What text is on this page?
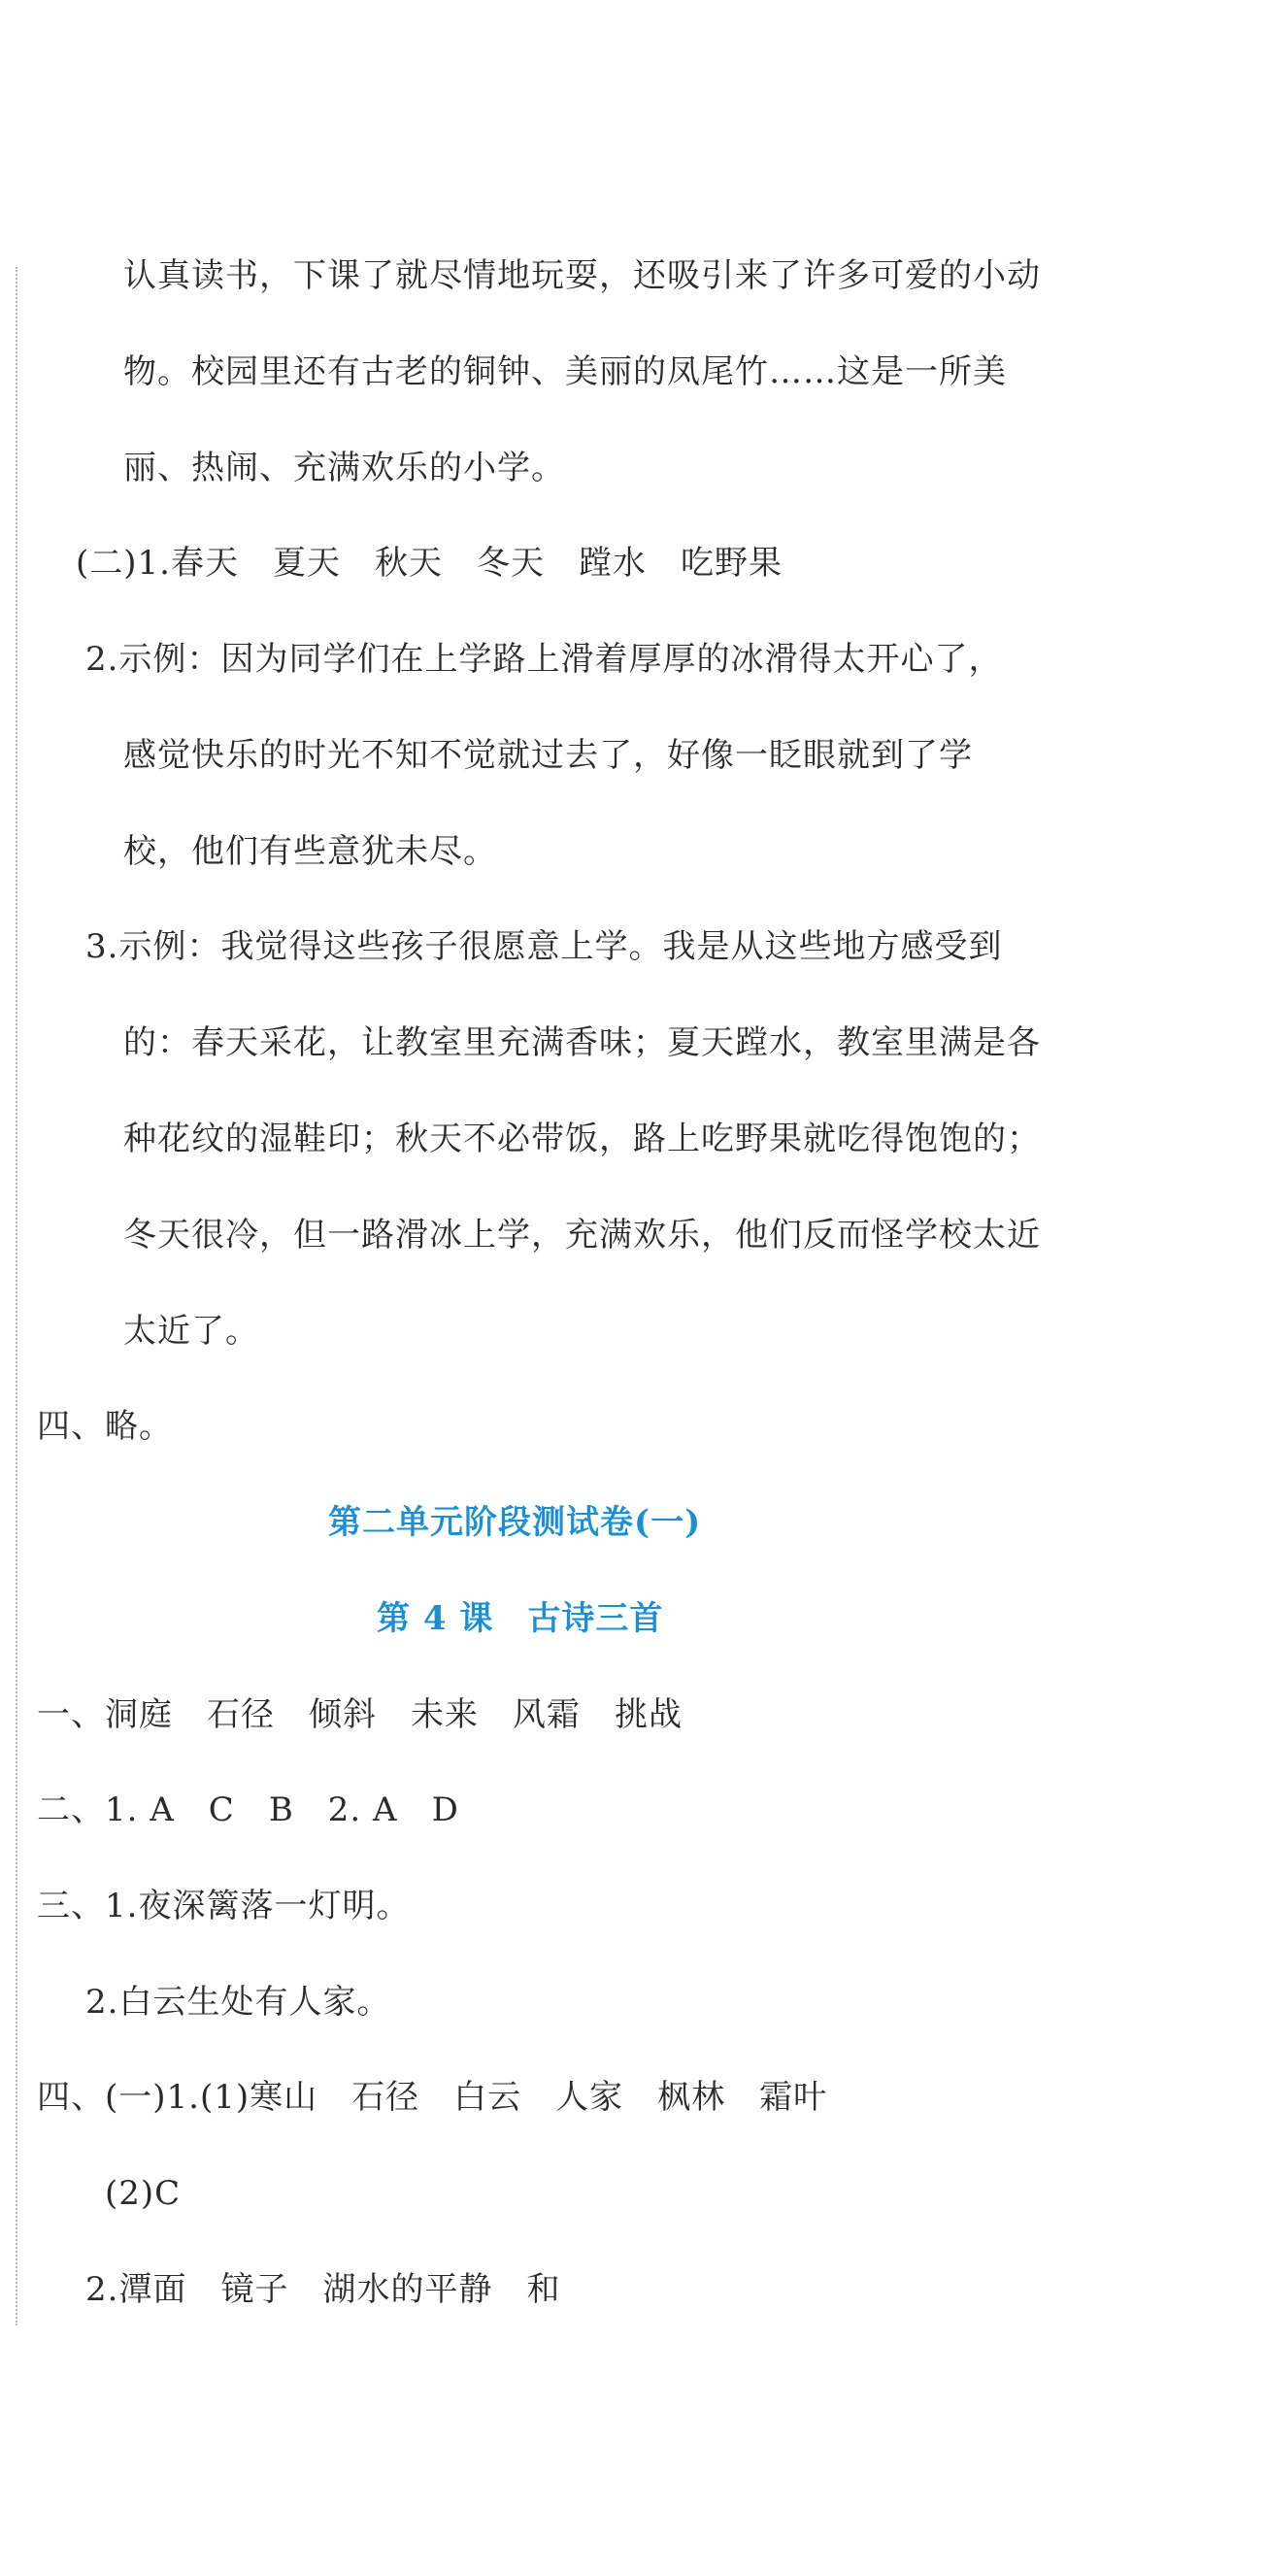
认真读书，下课了就尽情地玩耍，还吸引来了许多可爱的小动
物。校园里还有古老的铜钟、美丽的凤尾竹……这是一所美
丽、热闹、充满欢乐的小学。
(二)1.春天　夏天　秋天　冬天　蹚水　吃野果
2.示例：因为同学们在上学路上滑着厚厚的冰滑得太开心了，
感觉快乐的时光不知不觉就过去了，好像一眨眼就到了学
校，他们有些意犹未尽。
3.示例：我觉得这些孩子很愿意上学。我是从这些地方感受到
的：春天采花，让教室里充满香味；夏天蹚水，教室里满是各
种花纹的湿鞋印；秋天不必带饭，路上吃野果就吃得饱饱的；
冬天很冷，但一路滑冰上学，充满欢乐，他们反而怪学校太近
太近了。
四、略。
第二单元阶段测试卷(一)
第 4 课　古诗三首
一、洞庭　石径　倾斜　未来　风霜　挑战
二、1. A　C　B　2. A　D
三、1.夜深篱落一灯明。
2.白云生处有人家。
四、(一)1.(1)寒山　石径　白云　人家　枫林　霜叶
(2)C
2.潭面　镜子　湖水的平静　和
